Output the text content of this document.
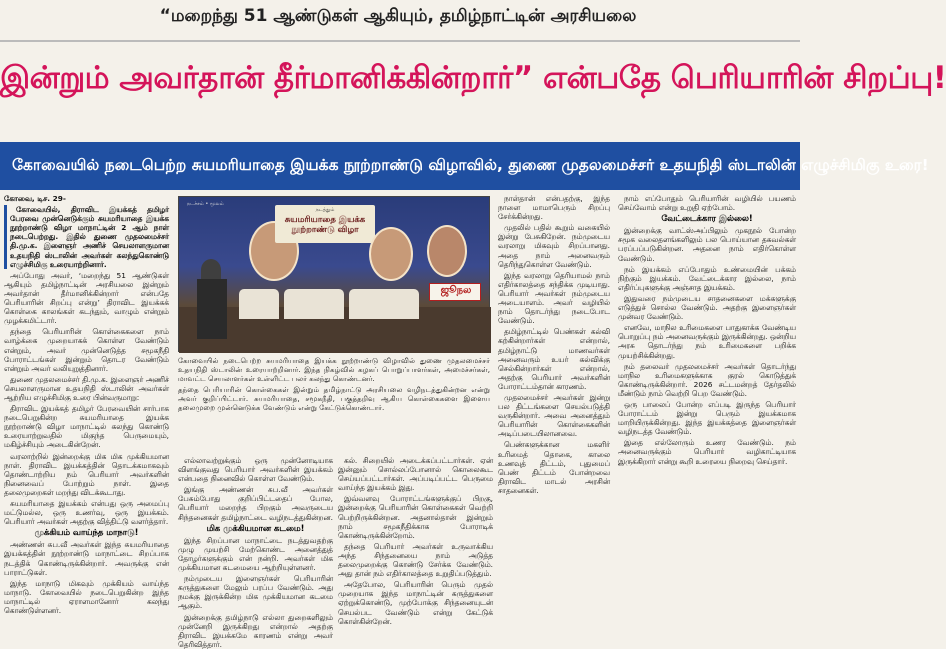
“மறைந்து 51 ஆண்டுகள் ஆகியும், தமிழ்நாட்டின் அரசியலை
இன்றும் அவர்தான் தீர்மானிக்கின்றார்” என்பதே பெரியாரின் சிறப்பு!
கோவையில் நடைபெற்ற சுயமரியாதை இயக்க நூற்றாண்டு விழாவில், துணை முதலமைச்சர் உதயநிதி ஸ்டாலின் எழுச்சிமிகு உரை!
கோவை, டிச. 29-

கோவையில், திராவிட இயக்கத் தமிழர் பேரவை முன்னெடுக்கும் சுயமரியாதை இயக்க நூற்றாண்டு விழா மாநாட்டின் 2 ஆம் நாள் நடைபெற்றது. இதில் துணை முதலமைச்சர் தி.மு.க. இளைஞர் அணிச் செயலாளருமான உதயநிதி ஸ்டாலின் அவர்கள் கலந்துகொண்டு எழுச்சிமிகு உரையாற்றினார்.

அப்போது அவர், ‘மறைந்து 51 ஆண்டுகள் ஆகியும் தமிழ்நாட்டின் அரசியலை இன்றும் அவர்தான் தீர்மானிக்கின்றார் என்பதே பெரியாரின் சிறப்பு என்று’ திராவிட இயக்கக் கொள்கை காலங்கள் கடந்தும், வாழும் என்றும் முழக்கமிட்டார்.

தந்தை பெரியாரின் கொள்கைகளை நாம் வாழ்க்கை முறையாகக் கொள்ள வேண்டும் என்றும், அவர் முன்னெடுத்த சமூகநீதி போராட்டங்கள் இன்றும் தொடர வேண்டும் என்றும் அவர் வலியுறுத்தினார்.

துணை முதலமைச்சர் தி.மு.க. இளைஞர் அணிச் செயலாளருமான உதயநிதி ஸ்டாலின் அவர்கள் ஆற்றிய எழுச்சிமிகு உரை பின்வருமாறு:

திராவிட இயக்கத் தமிழர் பேரவையின் சார்பாக நடைபெறுகின்ற சுயமரியாதை இயக்க நூற்றாண்டு விழா மாநாட்டில் கலந்து கொண்டு உரையாற்றுவதில் மிகுந்த பெருமையும், மகிழ்ச்சியும் அடைகின்றேன்.

வரலாற்றில் இன்றைக்கு மிக மிக முக்கியமான நாள். திராவிட இயக்கத்தின் தொடக்கமாகவும் தொண்டாற்றிய நம் பெரியார் அவர்களின் நினைவைப் போற்றும் நாள். இதை தலைமுறைகள் மறந்து விடக்கூடாது.

சுயமரியாதை இயக்கம் என்பது ஒரு அமைப்பு மட்டுமல்ல, ஒரு உணர்வு, ஒரு இயக்கம். பெரியார் அவர்கள் அதற்கு வித்திட்டு வளர்த்தார்.

முக்கியம் வாய்ந்த மாநாடு!

அண்ணன் சுப.வீ அவர்கள் இந்த சுயமரியாதை இயக்கத்தின் நூற்றாண்டு மாநாட்டை சிறப்பாக நடத்திக் கொண்டிருக்கின்றார். அவருக்கு என் பாராட்டுகள்.

இந்த மாநாடு மிகவும் முக்கியம் வாய்ந்த மாநாடு. கோவையில் நடைபெறுகின்ற இந்த மாநாட்டில் ஏராளமானோர் கலந்து கொண்டுள்ளனர்.

நடச்சம் • மூலம்
நடத்தும்
சுயமரியாதை இயக்க நூற்றாண்டு விழா
ஜூநல

கோவையில் நடைபெற்ற சுயமரியாதை இயக்க நூற்றாண்டு விழாவில் துணை முதலமைச்சர் உதயநிதி ஸ்டாலின் உரையாற்றினார். இந்த நிகழ்வில் கழகப் பொறுப்பாளர்கள், அமைச்சர்கள், மாவட்ட செயலாளர்கள் உள்ளிட்ட பலர் கலந்து கொண்டனர்.

தந்தை பெரியாரின் கொள்கைகள் இன்றும் தமிழ்நாட்டு அரசியலை வழிநடத்துகின்றன என்று அவர் குறிப்பிட்டார். சுயமரியாதை, சமூகநீதி, பகுத்தறிவு ஆகிய கொள்கைகளை இளைய தலைமுறை முன்னெடுக்க வேண்டும் என்று கேட்டுக்கொண்டார்.

எல்லாவற்றுக்கும் ஒரு முன்னோடியாக விளங்குவது பெரியார் அவர்களின் இயக்கம் என்பதை நினைவில் கொள்ள வேண்டும்.

இங்கு அண்ணன் சுப.வீ அவர்கள் பேசும்போது குறிப்பிட்டதைப் போல, பெரியார் மறைந்த பிறகும் அவருடைய சிந்தனைகள் தமிழ்நாட்டை வழிநடத்துகின்றன.

மிக முக்கியமான கடமை!

இந்த சிறப்பான மாநாட்டை நடத்துவதற்கு முழு முயற்சி மேற்கொண்ட அனைத்துத் தோழர்களுக்கும் என் நன்றி. அவர்கள் மிக முக்கியமான கடமையை ஆற்றியுள்ளனர்.

நம்முடைய இளைஞர்கள் பெரியாரின் கருத்துகளை மேலும் பரப்ப வேண்டும். அது நமக்கு இருக்கின்ற மிக முக்கியமான கடமை ஆகும்.

இன்றைக்கு தமிழ்நாடு எல்லா துறைகளிலும் முன்னேறி இருக்கிறது என்றால் அதற்கு திராவிட இயக்கமே காரணம் என்று அவர் தெரிவித்தார்.

கல். சிறையில் அடைக்கப்பட்டார்கள். ஏன் இன்னும் சொல்லப்போனால் கொலைகூட செய்யப்பட்டார்கள். அப்படிப்பட்ட பெருமை வாய்ந்த இயக்கம் இது.

இவ்வளவு போராட்டங்களுக்குப் பிறகு, இன்றைக்கு பெரியாரின் கொள்கைகள் வெற்றி பெற்றிருக்கின்றன. அதனால்தான் இன்றும் நாம் சமூகநீதிக்காக போராடிக் கொண்டிருக்கின்றோம்.

தந்தை பெரியார் அவர்கள் உருவாக்கிய அந்த சிந்தனையை நாம் அடுத்த தலைமுறைக்கு கொண்டு சேர்க்க வேண்டும். அது தான் நம் எதிர்காலத்தை உறுதிப்படுத்தும்.

அதேபோல, பெரியாரின் பெரும் முதல் முறையாக இந்த மாநாட்டின் கருத்துகளை ஏற்றுக்கொண்டு, முற்போக்கு சிந்தனையுடன் செயல்பட வேண்டும் என்று கேட்டுக் கொள்கின்றேன்.

நாள்தான் என்பதற்கு, இந்த நாளை மாமாபெரும் சிறப்பு சேர்க்கின்றது.

முதலில் பதில் கூறும் வகையில் இன்று பேசுகிறேன். நம்முடைய வரலாறு மிகவும் சிறப்பானது. அதை நாம் அனைவரும் தெரிந்துகொள்ள வேண்டும்.

இந்த வரலாறு தெரியாமல் நாம் எதிர்காலத்தை சந்திக்க முடியாது. பெரியார் அவர்கள் நம்முடைய அடையாளம். அவர் வழியில் நாம் தொடர்ந்து நடைபோட வேண்டும்.

தமிழ்நாட்டில் பெண்கள் கல்வி கற்கின்றார்கள் என்றால், தமிழ்நாட்டு மாணவர்கள் அனைவரும் உயர் கல்விக்கு செல்கின்றார்கள் என்றால், அதற்கு பெரியார் அவர்களின் போராட்டம்தான் காரணம்.

முதலமைச்சர் அவர்கள் இன்று பல திட்டங்களை செயல்படுத்தி வருகின்றார். அவை அனைத்தும் பெரியாரின் கொள்கைகளின் அடிப்படையிலானவை.

பெண்களுக்கான மகளிர் உரிமைத் தொகை, காலை உணவுத் திட்டம், புதுமைப் பெண் திட்டம் போன்றவை திராவிட மாடல் அரசின் சாதனைகள்.

நாம் எப்போதும் பெரியாரின் வழியில் பயணம் செய்வோம் என்று உறுதி ஏற்போம்.

வேட்டைக்கார இல்லை!

இன்றைக்கு வாட்ஸ்அப்பிலும் முகநூல் போன்ற சமூக வலைதளங்களிலும் பல பொய்யான தகவல்கள் பரப்பப்படுகின்றன. அதனை நாம் எதிர்கொள்ள வேண்டும்.

நம் இயக்கம் எப்போதும் உண்மையின் பக்கம் நிற்கும் இயக்கம். வேட்டைக்கார இல்லை, நாம் எதிர்ப்புகளுக்கு அஞ்சாத இயக்கம்.

இதுவரை நம்முடைய சாதனைகளை மக்களுக்கு எடுத்துச் சொல்ல வேண்டும். அதற்கு இளைஞர்கள் முன்வர வேண்டும்.

எனவே, மாநில உரிமைகளை பாதுகாக்க வேண்டிய பொறுப்பு நம் அனைவருக்கும் இருக்கின்றது. ஒன்றிய அரசு தொடர்ந்து நம் உரிமைகளை பறிக்க முயற்சிக்கின்றது.

நம் தலைவர் முதலமைச்சர் அவர்கள் தொடர்ந்து மாநில உரிமைகளுக்காக குரல் கொடுத்துக் கொண்டிருக்கின்றார். 2026 சட்டமன்றத் தேர்தலில் மீண்டும் நாம் வெற்றி பெற வேண்டும்.

ஒரு பாலைப் போன்ற எப்படி இருந்த பெரியார் போராட்டம் இன்று பெரும் இயக்கமாக மாறியிருக்கின்றது. இந்த இயக்கத்தை இளைஞர்கள் வழிநடத்த வேண்டும்.

இதை எல்லோரும் உணர வேண்டும். நம் அனைவருக்கும் பெரியார் வழிகாட்டியாக இருக்கிறார் என்று கூறி உரையை நிறைவு செய்தார்.
